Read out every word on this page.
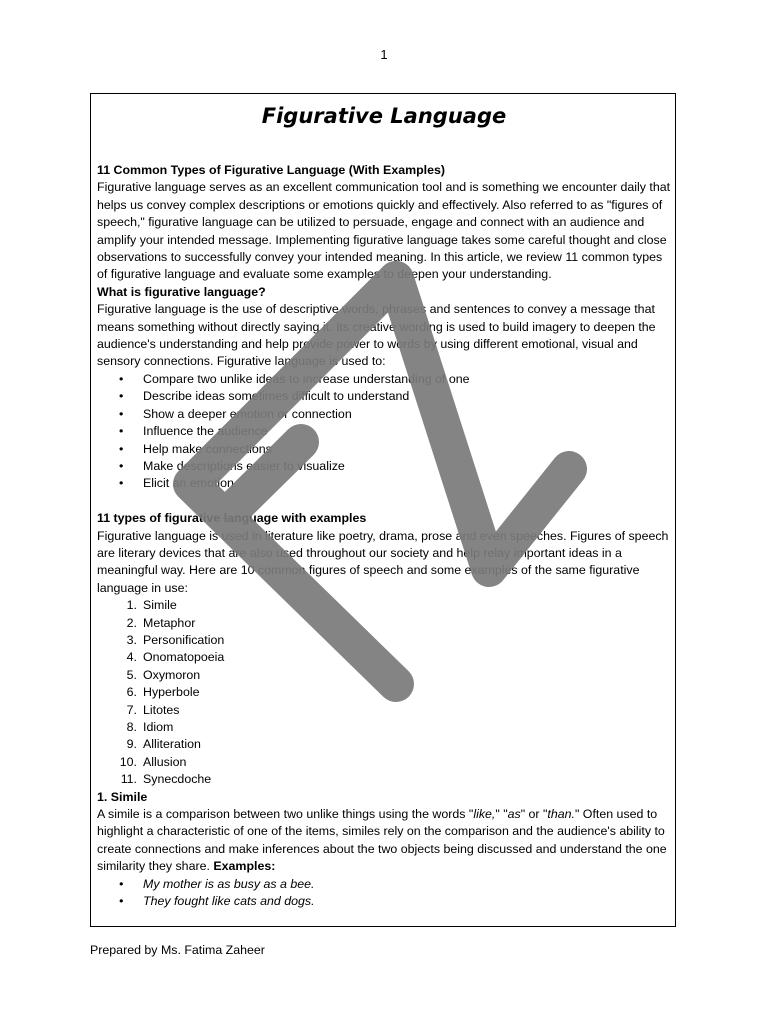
1
Figurative Language

11 Common Types of Figurative Language (With Examples)

Figurative language serves as an excellent communication tool and is something we encounter daily that helps us convey complex descriptions or emotions quickly and effectively. Also referred to as "figures of speech," figurative language can be utilized to persuade, engage and connect with an audience and amplify your intended message. Implementing figurative language takes some careful thought and close observations to successfully convey your intended meaning. In this article, we review 11 common types of figurative language and evaluate some examples to deepen your understanding.

What is figurative language?

Figurative language is the use of descriptive words, phrases and sentences to convey a message that means something without directly saying it. Its creative wording is used to build imagery to deepen the audience's understanding and help provide power to words by using different emotional, visual and sensory connections. Figurative language is used to:

• Compare two unlike ideas to increase understanding of one
• Describe ideas sometimes difficult to understand
• Show a deeper emotion or connection
• Influence the audience
• Help make connections
• Make descriptions easier to visualize
• Elicit an emotion

11 types of figurative language with examples

Figurative language is used in literature like poetry, drama, prose and even speeches. Figures of speech are literary devices that are also used throughout our society and help relay important ideas in a meaningful way. Here are 10 common figures of speech and some examples of the same figurative language in use:

1. Simile
2. Metaphor
3. Personification
4. Onomatopoeia
5. Oxymoron
6. Hyperbole
7. Litotes
8. Idiom
9. Alliteration
10. Allusion
11. Synecdoche

1. Simile

A simile is a comparison between two unlike things using the words "like," "as" or "than." Often used to highlight a characteristic of one of the items, similes rely on the comparison and the audience's ability to create connections and make inferences about the two objects being discussed and understand the one similarity they share. Examples:

• My mother is as busy as a bee.
• They fought like cats and dogs.
Prepared by Ms. Fatima Zaheer
